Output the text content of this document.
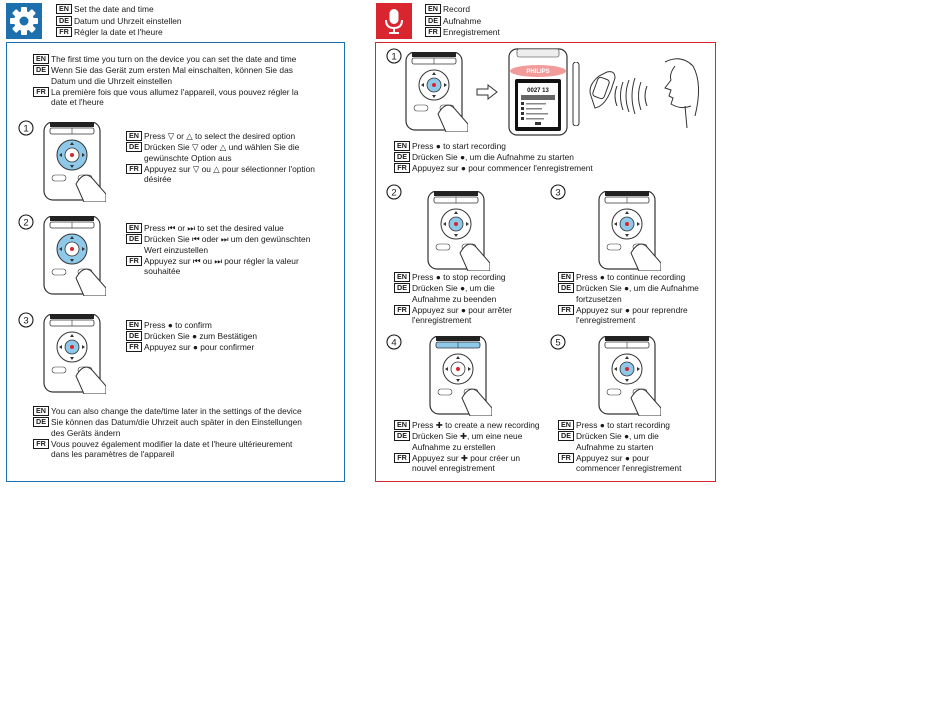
EN Set the date and time
DE Datum und Uhrzeit einstellen
FR Régler la date et l'heure
EN Record
DE Aufnahme
FR Enregistrement
EN The first time you turn on the device you can set the date and time
DE Wenn Sie das Gerät zum ersten Mal einschalten, können Sie das
Datum und die Uhrzeit einstellen
FR La première fois que vous allumez l'appareil, vous pouvez régler la
date et l'heure
1
EN Press ▽ or △ to select the desired option
DE Drücken Sie ▽ oder △ und wählen Sie die
gewünschte Option aus
FR Appuyez sur ▽ ou △ pour sélectionner l'option
désirée
2	EN Press ⏮ or ⏭ to set the desired value
DE Drücken Sie ⏮ oder ⏭ um den gewünschten
Wert einzustellen
FR Appuyez sur ⏮ ou ⏭ pour régler la valeur
souhaitée
3	EN Press ● to confirm
DE Drücken Sie ● zum Bestätigen
FR Appuyez sur ● pour confirmer
EN You can also change the date/time later in the settings of the device
DE Sie können das Datum/die Uhrzeit auch später in den Einstellungen
des Geräts ändern
FR Vous pouvez également modifier la date et l'heure ultérieurement
dans les paramètres de l'appareil
1
PHILIPS
0027 13
EN Press ● to start recording
DE Drücken Sie ●, um die Aufnahme zu starten
FR Appuyez sur ● pour commencer l'enregistrement
2
EN Press ● to stop recording
DE Drücken Sie ●, um die
Aufnahme zu beenden
FR Appuyez sur ● pour arrêter
l'enregistrement
3
EN Press ● to continue recording
DE Drücken Sie ●, um die Aufnahme
fortzusetzen
FR Appuyez sur ● pour reprendre
l'enregistrement
4
EN Press ✚ to create a new recording
DE Drücken Sie ✚, um eine neue
Aufnahme zu erstellen
FR Appuyez sur ✚ pour créer un
nouvel enregistrement
5
EN Press ● to start recording
DE Drücken Sie ●, um die
Aufnahme zu starten
FR Appuyez sur ● pour
commencer l'enregistrement
